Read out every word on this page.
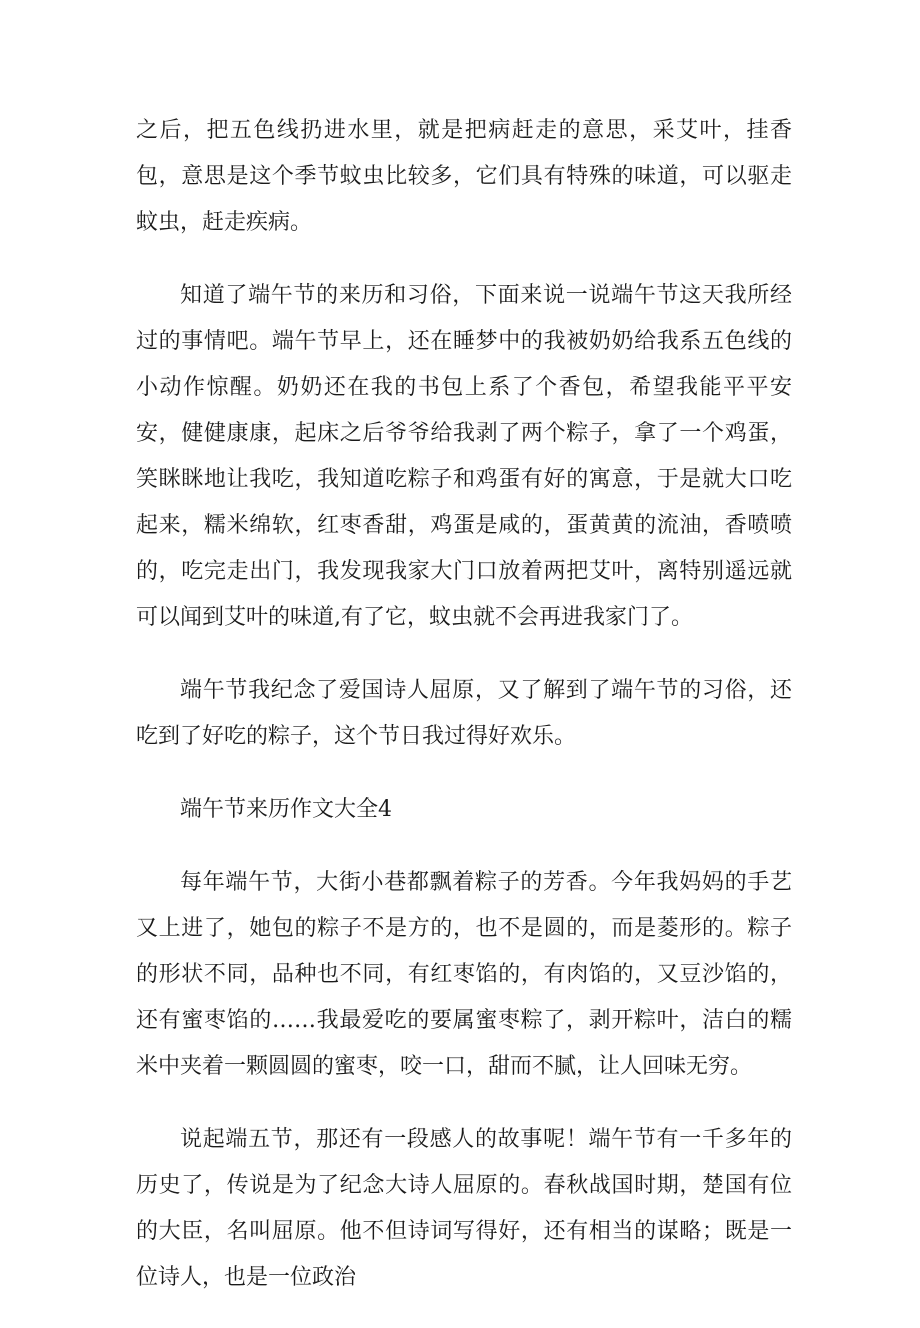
之后，把五色线扔进水里，就是把病赶走的意思，采艾叶，挂香包，意思是这个季节蚊虫比较多，它们具有特殊的味道，可以驱走蚊虫，赶走疾病。

知道了端午节的来历和习俗，下面来说一说端午节这天我所经过的事情吧。端午节早上，还在睡梦中的我被奶奶给我系五色线的小动作惊醒。奶奶还在我的书包上系了个香包，希望我能平平安安，健健康康，起床之后爷爷给我剥了两个粽子，拿了一个鸡蛋，笑眯眯地让我吃，我知道吃粽子和鸡蛋有好的寓意，于是就大口吃起来，糯米绵软，红枣香甜，鸡蛋是咸的，蛋黄黄的流油，香喷喷的，吃完走出门，我发现我家大门口放着两把艾叶，离特别遥远就可以闻到艾叶的味道,有了它，蚊虫就不会再进我家门了。

端午节我纪念了爱国诗人屈原，又了解到了端午节的习俗，还吃到了好吃的粽子，这个节日我过得好欢乐。

端午节来历作文大全4

每年端午节，大街小巷都飘着粽子的芳香。今年我妈妈的手艺又上进了，她包的粽子不是方的，也不是圆的，而是菱形的。粽子的形状不同，品种也不同，有红枣馅的，有肉馅的，又豆沙馅的，还有蜜枣馅的……我最爱吃的要属蜜枣粽了，剥开粽叶，洁白的糯米中夹着一颗圆圆的蜜枣，咬一口，甜而不腻，让人回味无穷。

说起端五节，那还有一段感人的故事呢！端午节有一千多年的历史了，传说是为了纪念大诗人屈原的。春秋战国时期，楚国有位的大臣，名叫屈原。他不但诗词写得好，还有相当的谋略；既是一位诗人，也是一位政治
